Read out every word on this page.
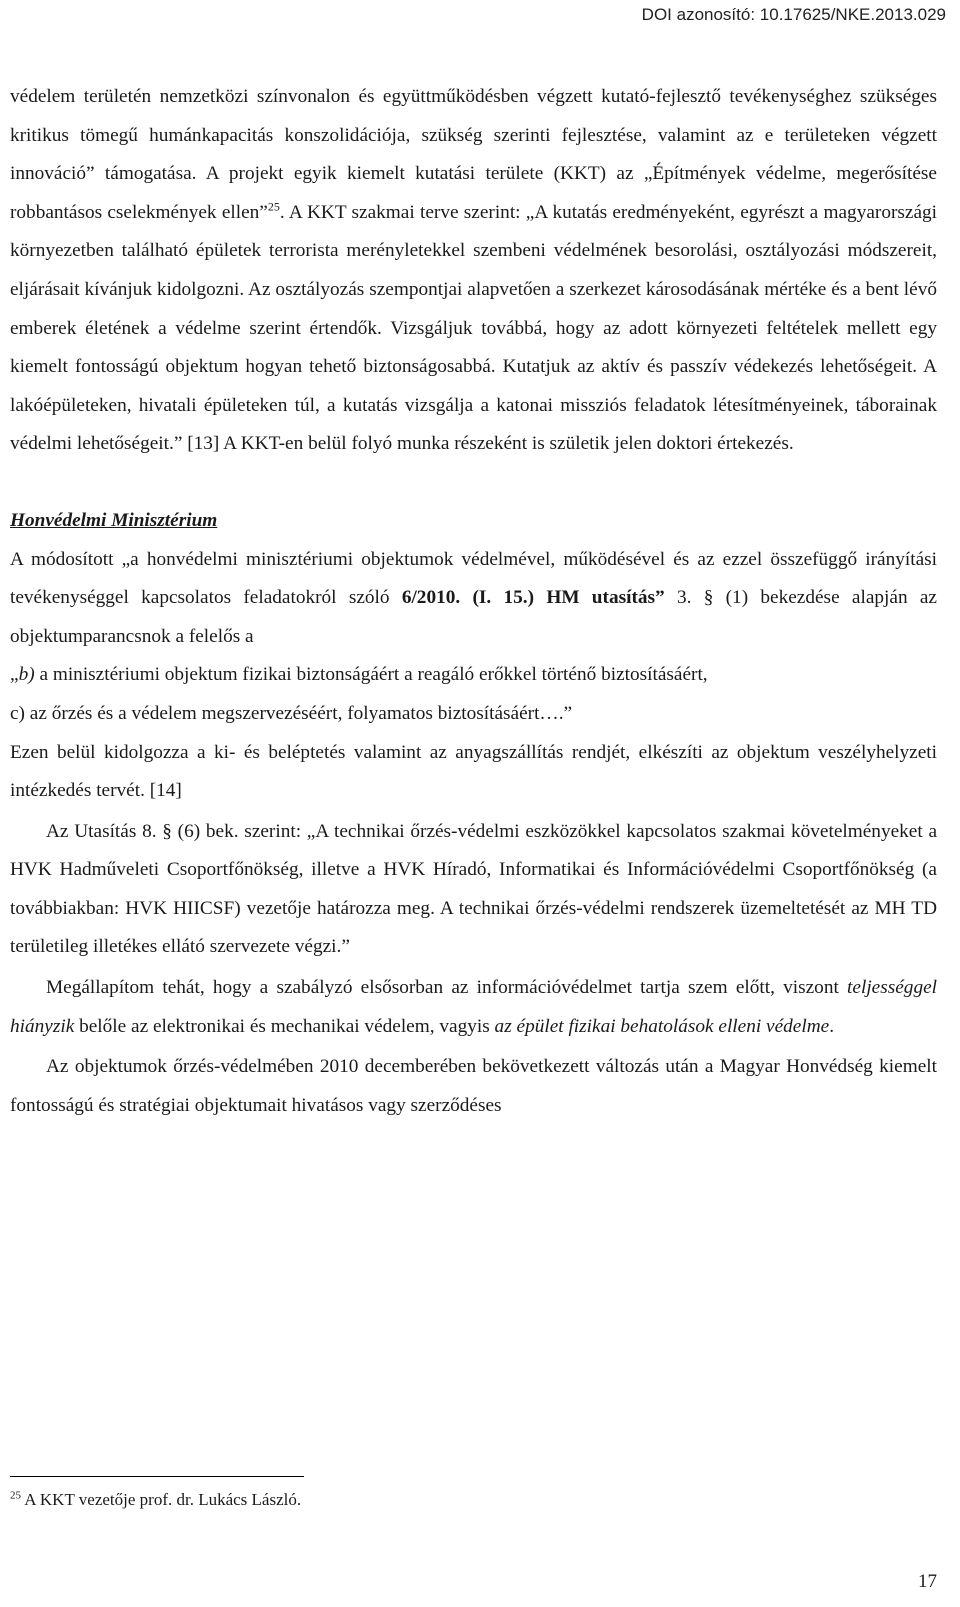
DOI azonosító: 10.17625/NKE.2013.029

védelem területén nemzetközi színvonalon és együttműködésben végzett kutató-fejlesztő tevékenységhez szükséges kritikus tömegű humánkapacitás konszolidációja, szükség szerinti fejlesztése, valamint az e területeken végzett innováció” támogatása. A projekt egyik kiemelt kutatási területe (KKT) az „Építmények védelme, megerősítése robbantásos cselekmények ellen”$^{25}$. A KKT szakmai terve szerint: „A kutatás eredményeként, egyrészt a magyarországi környezetben található épületek terrorista merényletekkel szembeni védelmének besorolási, osztályozási módszereit, eljárásait kívánjuk kidolgozni. Az osztályozás szempontjai alapvetően a szerkezet károsodásának mértéke és a bent lévő emberek életének a védelme szerint értendők. Vizsgáljuk továbbá, hogy az adott környezeti feltételek mellett egy kiemelt fontosságú objektum hogyan tehető biztonságosabbá. Kutatjuk az aktív és passzív védekezés lehetőségeit. A lakóépületeken, hivatali épületeken túl, a kutatás vizsgálja a katonai missziós feladatok létesítményeinek, táborainak védelmi lehetőségeit.” [13] A KKT-en belül folyó munka részeként is születik jelen doktori értekezés.

Honvédelmi Minisztérium

A módosított „a honvédelmi minisztériumi objektumok védelmével, működésével és az ezzel összefüggő irányítási tevékenységgel kapcsolatos feladatokról szóló 6/2010. (I. 15.) HM utasítás” 3. § (1) bekezdése alapján az objektumparancsnok a felelős a

„b) a minisztériumi objektum fizikai biztonságáért a reagáló erőkkel történő biztosításáért,

c) az őrzés és a védelem megszervezéséért, folyamatos biztosításáért….”

Ezen belül kidolgozza a ki- és beléptetés valamint az anyagszállítás rendjét, elkészíti az objektum veszélyhelyzeti intézkedés tervét. [14]

Az Utasítás 8. § (6) bek. szerint: „A technikai őrzés-védelmi eszközökkel kapcsolatos szakmai követelményeket a HVK Hadműveleti Csoportfőnökség, illetve a HVK Híradó, Informatikai és Információvédelmi Csoportfőnökség (a továbbiakban: HVK HIICSF) vezetője határozza meg. A technikai őrzés-védelmi rendszerek üzemeltetését az MH TD területileg illetékes ellátó szervezete végzi.”

Megállapítom tehát, hogy a szabályzó elsősorban az információvédelmet tartja szem előtt, viszont teljességgel hiányzik belőle az elektronikai és mechanikai védelem, vagyis az épület fizikai behatolások elleni védelme.

Az objektumok őrzés-védelmében 2010 decemberében bekövetkezett változás után a Magyar Honvédség kiemelt fontosságú és stratégiai objektumait hivatásos vagy szerződéses

$^{25}$ A KKT vezetője prof. dr. Lukács László.
17
